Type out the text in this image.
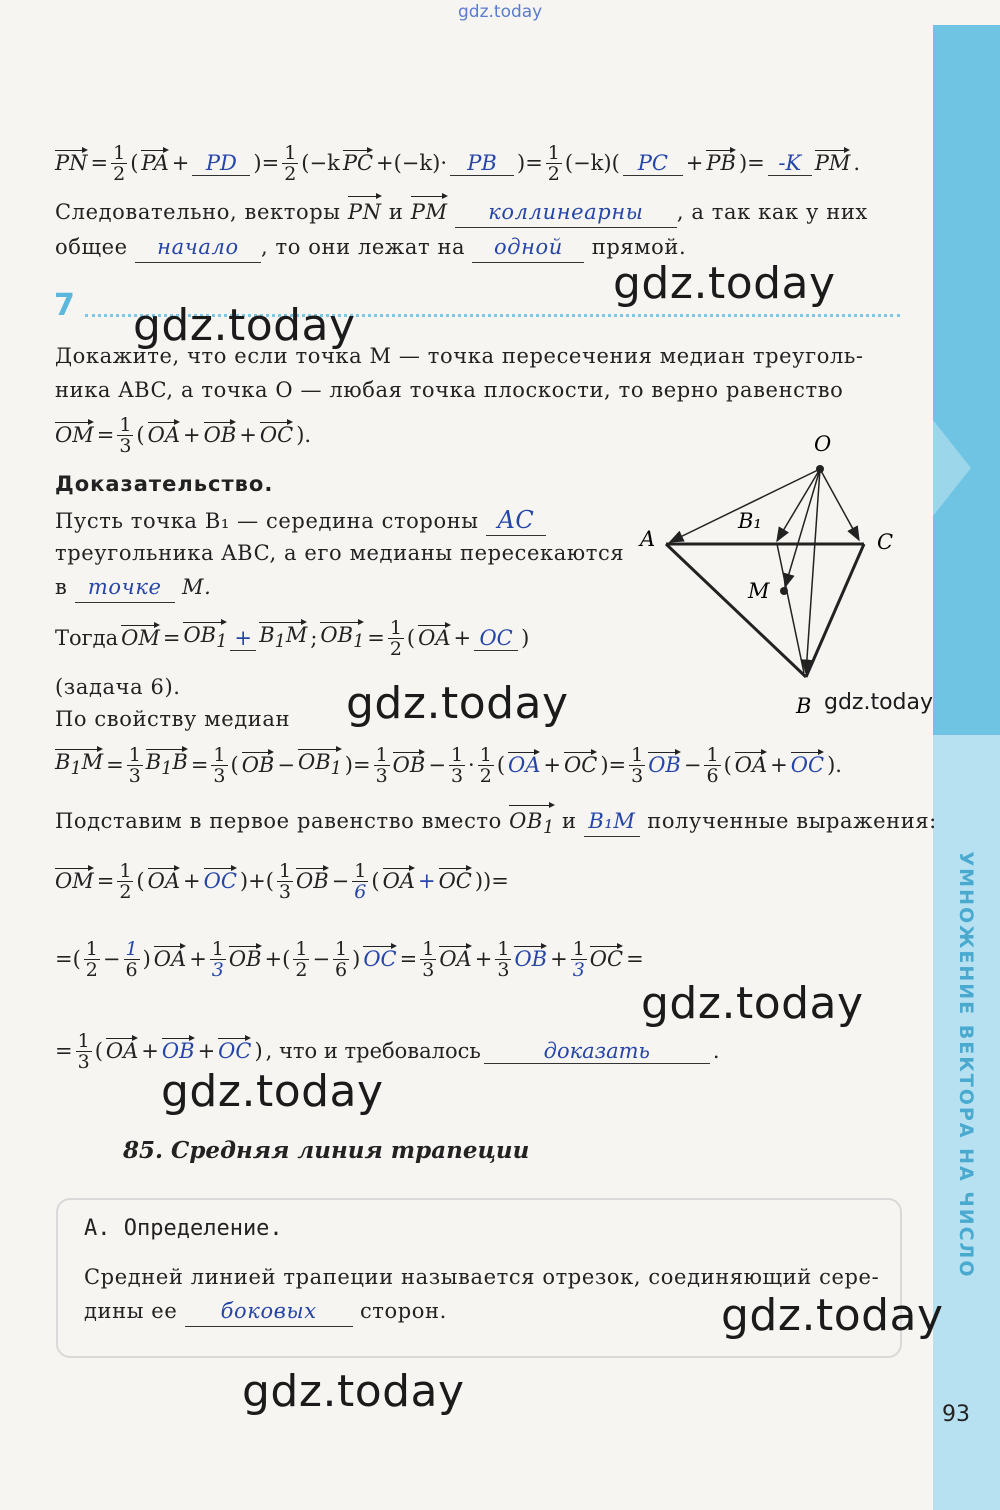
УМНОЖЕНИЕ ВЕКТОРА НА ЧИСЛО
93
gdz.today
PN = $\frac{1}{2}$ ( PA + PD )= $\frac{1}{2} (-k$ PC +(−k)· PB )= $\frac{1}{2} (-k)$( PC + PB )= -K PM .
Следовательно, векторы PN и PM коллинеарны , а так как у них
общее начало , то они лежат на одной прямой.
7
Докажите, что если точка M — точка пересечения медиан треуголь-
ника ABC, а точка O — любая точка плоскости, то верно равенство
OM = $\frac{1}{3}$ ( OA + OB + OC ).
Доказательство.
Пусть точка B₁ — середина стороны AC
треугольника ABC, а его медианы пересекаются
в точке M.
Тогда OM = $OB_1 + B_1M$ ; $OB_1 = \frac{1}{2}$ ( OA + OC )
(задача 6).
По свойству медиан
$B_1M = \frac{1}{3} B_1B = \frac{1}{3}$ ( OB − $OB_1$ )= $\frac{1}{3}$ OB − $\frac{1}{3} \cdot \frac{1}{2}$ ( OA + OC )= $\frac{1}{3}$ OB − $\frac{1}{6}$ ( OA + OC ).
Подставим в первое равенство вместо $OB_1$ и B₁M полученные выражения:
OM = $\frac{1}{2}$ ( OA + OC )+( $\frac{1}{3}$ OB − $\frac{1}{6}$ ( OA + OC ))=
=( $\frac{1}{2} - \frac{1}{6}$ ) OA + $\frac{1}{3}$ OB +( $\frac{1}{2} - \frac{1}{6}$ ) OC = $\frac{1}{3}$ OA + $\frac{1}{3}$ OB + $\frac{1}{3}$ OC =
= $\frac{1}{3}$ ( OA + OB + OC ) , что и требовалось	доказать	.
O
A
B₁
C
M
B
85. Средняя линия трапеции
А. Определение.
Средней линией трапеции называется отрезок, соединяющий сере-
дины ее боковых сторон.
gdz.today
gdz.today
gdz.today	gdz.today
gdz.today
gdz.today
gdz.today
gdz.today
